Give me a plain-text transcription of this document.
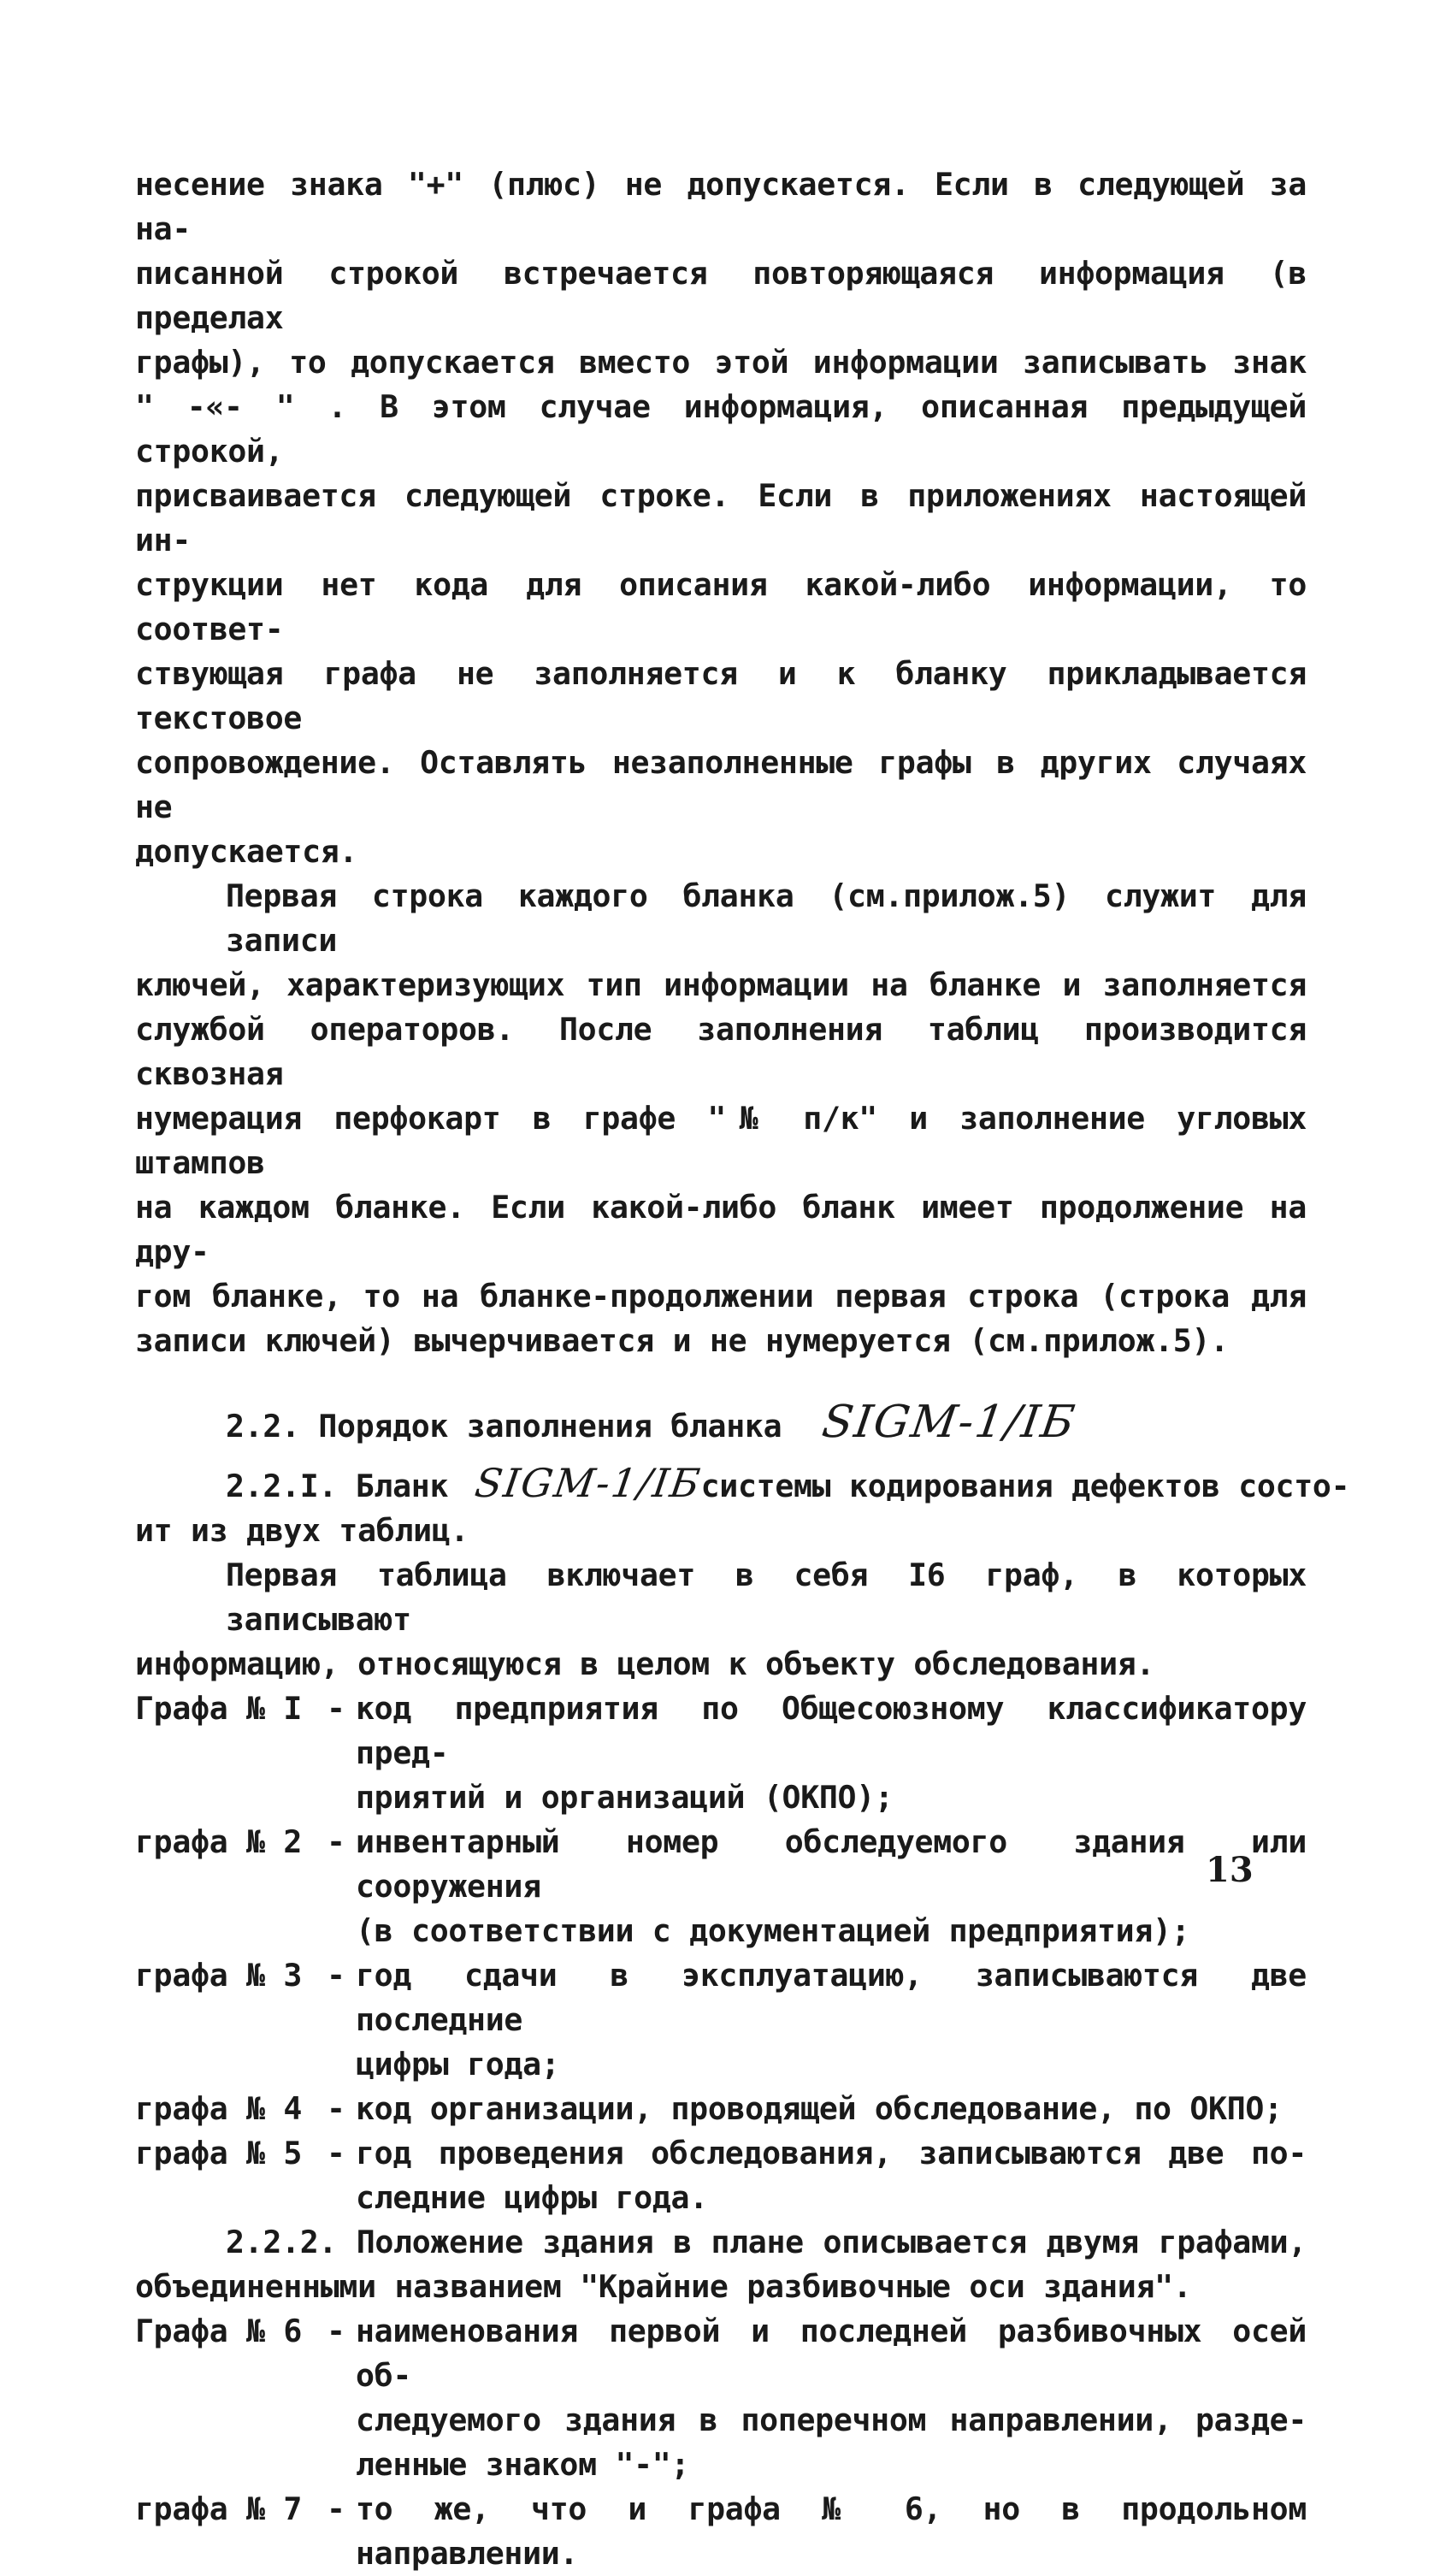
несение знака "+" (плюс) не допускается. Если в следующей за на-
писанной строкой встречается повторяющаяся информация (в пределах
графы), то допускается вместо этой информации записывать знак
" -«- " . В этом случае информация, описанная предыдущей строкой,
присваивается следующей строке. Если в приложениях настоящей ин-
струкции нет кода для описания какой-либо информации, то соответ-
ствующая графа не заполняется и к бланку прикладывается текстовое
сопровождение. Оставлять незаполненные графы в других случаях не
допускается.
Первая строка каждого бланка (см.прилож.5) служит для записи
ключей, характеризующих тип информации на бланке и заполняется
службой операторов. После заполнения таблиц производится сквозная
нумерация перфокарт в графе "№ п/к" и заполнение угловых штампов
на каждом бланке. Если какой-либо бланк имеет продолжение на дру-
гом бланке, то на бланке-продолжении первая строка (строка для
записи ключей) вычерчивается и не нумеруется (см.прилож.5).
2.2. Порядок заполнения бланка SIGM-1/IБ
2.2.I. Бланк SIGM-1/IБ
системы кодирования дефектов состо-
ит из двух таблиц.
Первая таблица включает в себя I6 граф, в которых записывают
информацию, относящуюся в целом к объекту обследования.
Графа № I - код предприятия по Общесоюзному классификатору пред-
приятий и организаций (ОКПО);
графа № 2 - инвентарный номер обследуемого здания или сооружения
(в соответствии с документацией предприятия);
графа № 3 - год сдачи в эксплуатацию, записываются две последние
цифры года;
графа № 4 - код организации, проводящей обследование, по ОКПО;
графа № 5 - год проведения обследования, записываются две по-
следние цифры года.
2.2.2. Положение здания в плане описывается двумя графами,
объединенными названием "Крайние разбивочные оси здания".
Графа № 6 - наименования первой и последней разбивочных осей об-
следуемого здания в поперечном направлении, разде-
ленные знаком "-";
графа № 7 - то же, что и графа № 6, но в продольном направлении.
13
